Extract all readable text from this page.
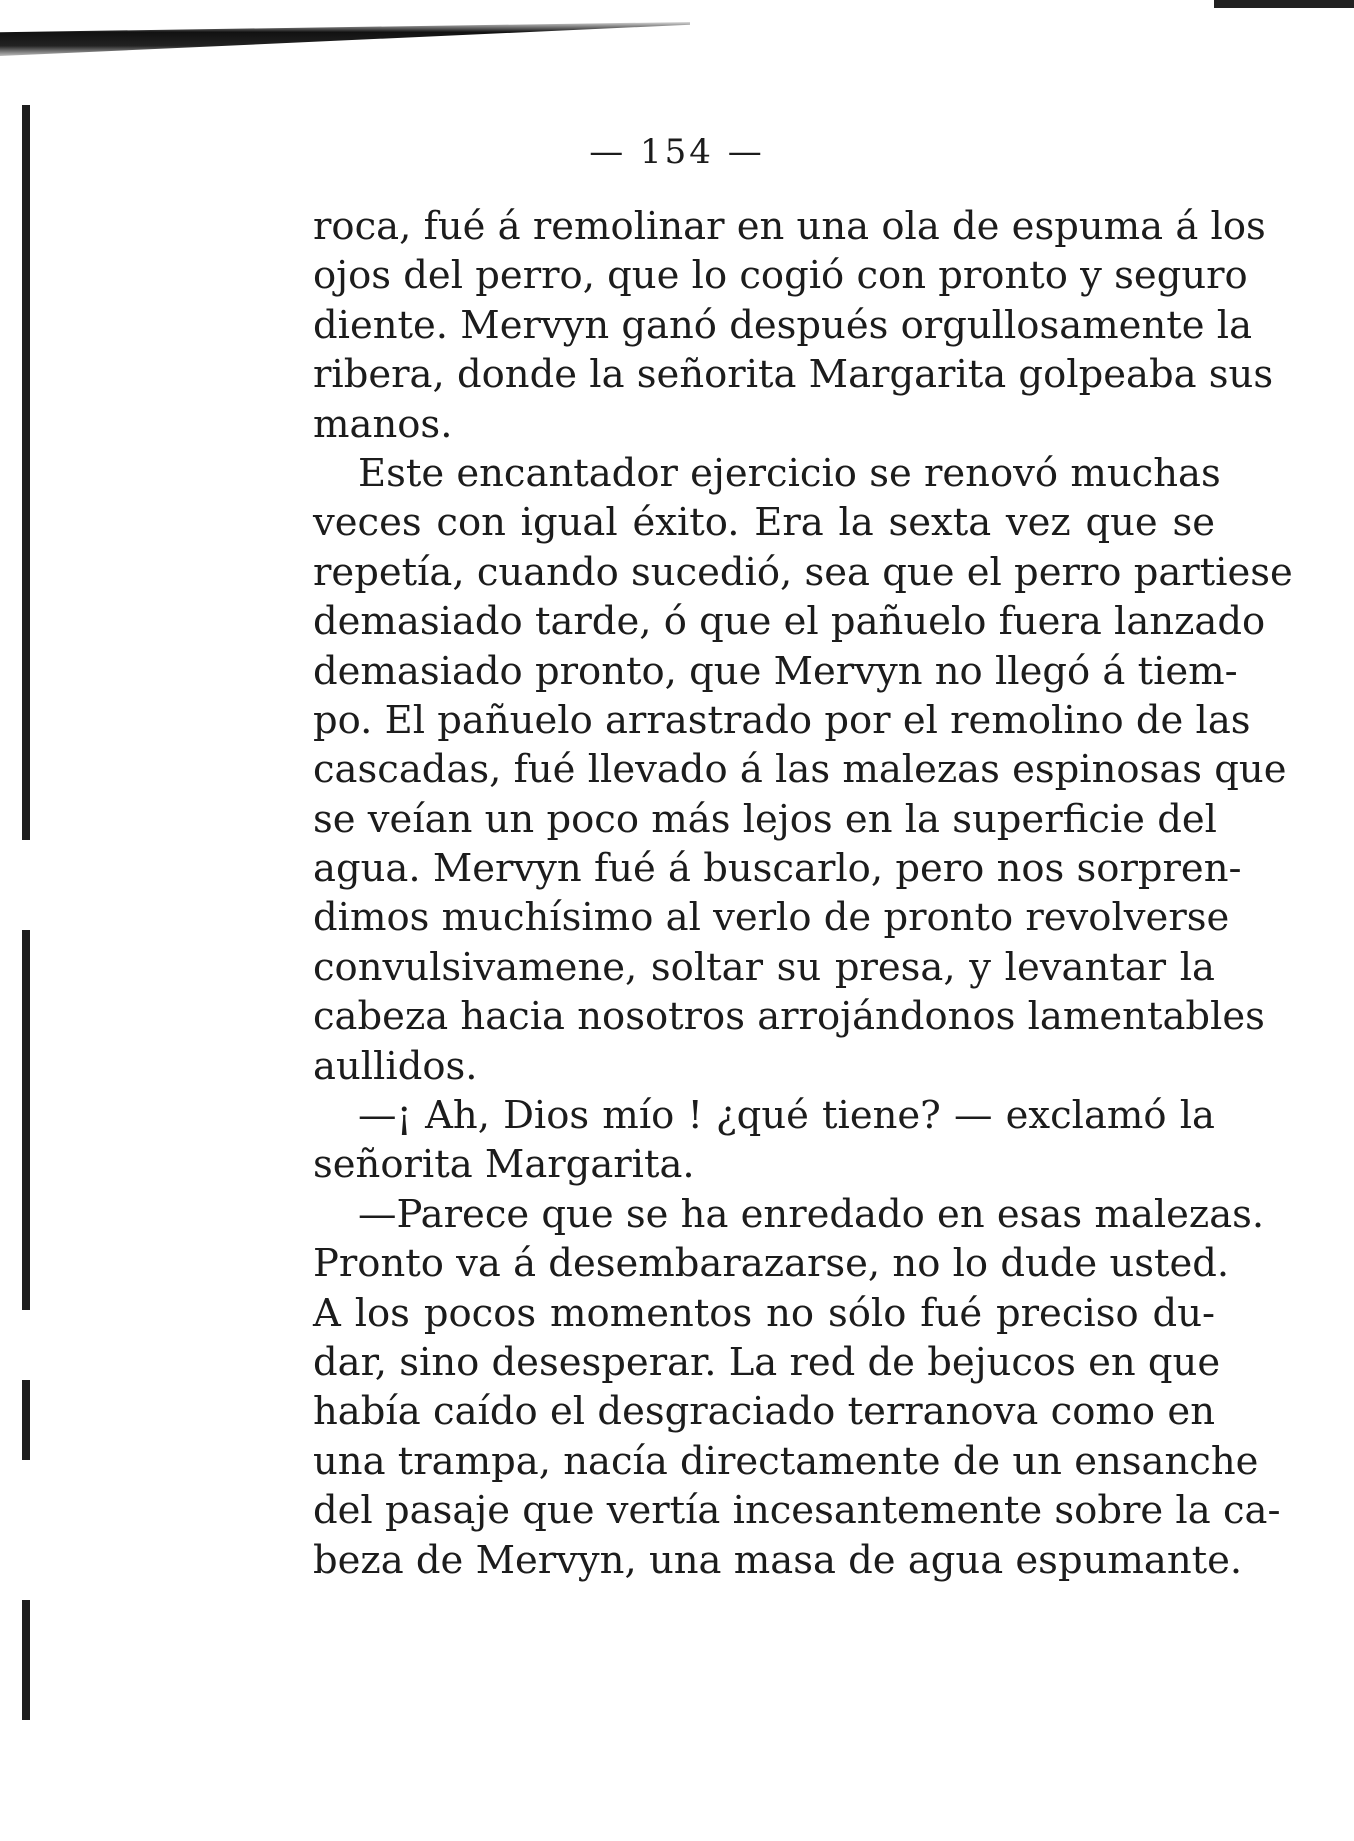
— 154 —
roca, fué á remolinar en una ola de espuma á los
ojos del perro, que lo cogió con pronto y seguro
diente. Mervyn ganó después orgullosamente la
ribera, donde la señorita Margarita golpeaba sus
manos.
Este encantador ejercicio se renovó muchas
veces con igual éxito. Era la sexta vez que se
repetía, cuando sucedió, sea que el perro partiese
demasiado tarde, ó que el pañuelo fuera lanzado
demasiado pronto, que Mervyn no llegó á tiem-
po. El pañuelo arrastrado por el remolino de las
cascadas, fué llevado á las malezas espinosas que
se veían un poco más lejos en la superficie del
agua. Mervyn fué á buscarlo, pero nos sorpren-
dimos muchísimo al verlo de pronto revolverse
convulsivamene, soltar su presa, y levantar la
cabeza hacia nosotros arrojándonos lamentables
aullidos.
—¡ Ah, Dios mío ! ¿qué tiene? — exclamó la
señorita Margarita.
—Parece que se ha enredado en esas malezas.
Pronto va á desembarazarse, no lo dude usted.
A los pocos momentos no sólo fué preciso du-
dar, sino desesperar. La red de bejucos en que
había caído el desgraciado terranova como en
una trampa, nacía directamente de un ensanche
del pasaje que vertía incesantemente sobre la ca-
beza de Mervyn, una masa de agua espumante.
